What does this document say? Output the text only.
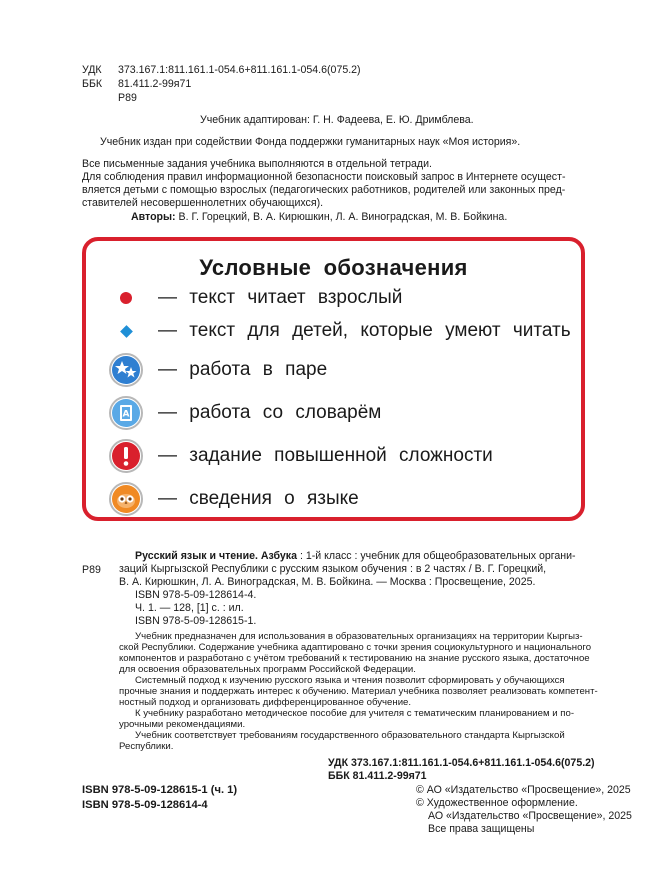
УДК 373.167.1:811.161.1-054.6+811.161.1-054.6(075.2)
ББК 81.411.2-99я71
Р89
Учебник адаптирован: Г. Н. Фадеева, Е. Ю. Дримблева.
Учебник издан при содействии Фонда поддержки гуманитарных наук «Моя история».
Все письменные задания учебника выполняются в отдельной тетради.
Для соблюдения правил информационной безопасности поисковый запрос в Интернете осущест-
вляется детьми с помощью взрослых (педагогических работников, родителей или законных пред-
ставителей несовершеннолетних обучающихся).
Авторы: В. Г. Горецкий, В. А. Кирюшкин, Л. А. Виноградская, М. В. Бойкина.
Условные обозначения
— текст читает взрослый
— текст для детей, которые умеют читать
— работа в паре
A — работа со словарём
— задание повышенной сложности
— сведения о языке
Р89
Русский язык и чтение. Азбука : 1-й класс : учебник для общеобразовательных органи-
заций Кыргызской Республики с русским языком обучения : в 2 частях / В. Г. Горецкий,
В. А. Кирюшкин, Л. А. Виноградская, М. В. Бойкина. — Москва : Просвещение, 2025.
ISBN 978-5-09-128614-4.
Ч. 1. — 128, [1] с. : ил.
ISBN 978-5-09-128615-1.
Учебник предназначен для использования в образовательных организациях на территории Кыргыз-
ской Республики. Содержание учебника адаптировано с точки зрения социокультурного и национального
компонентов и разработано с учётом требований к тестированию на знание русского языка, достаточное
для освоения образовательных программ Российской Федерации.
Системный подход к изучению русского языка и чтения позволит сформировать у обучающихся
прочные знания и поддержать интерес к обучению. Материал учебника позволяет реализовать компетент-
ностный подход и организовать дифференцированное обучение.
К учебнику разработано методическое пособие для учителя с тематическим планированием и по-
урочными рекомендациями.
Учебник соответствует требованиям государственного образовательного стандарта Кыргызской
Республики.
УДК 373.167.1:811.161.1-054.6+811.161.1-054.6(075.2)
ББК 81.411.2-99я71
ISBN 978-5-09-128615-1 (ч. 1)
ISBN 978-5-09-128614-4
© АО «Издательство «Просвещение», 2025
© Художественное оформление.
АО «Издательство «Просвещение», 2025
Все права защищены
